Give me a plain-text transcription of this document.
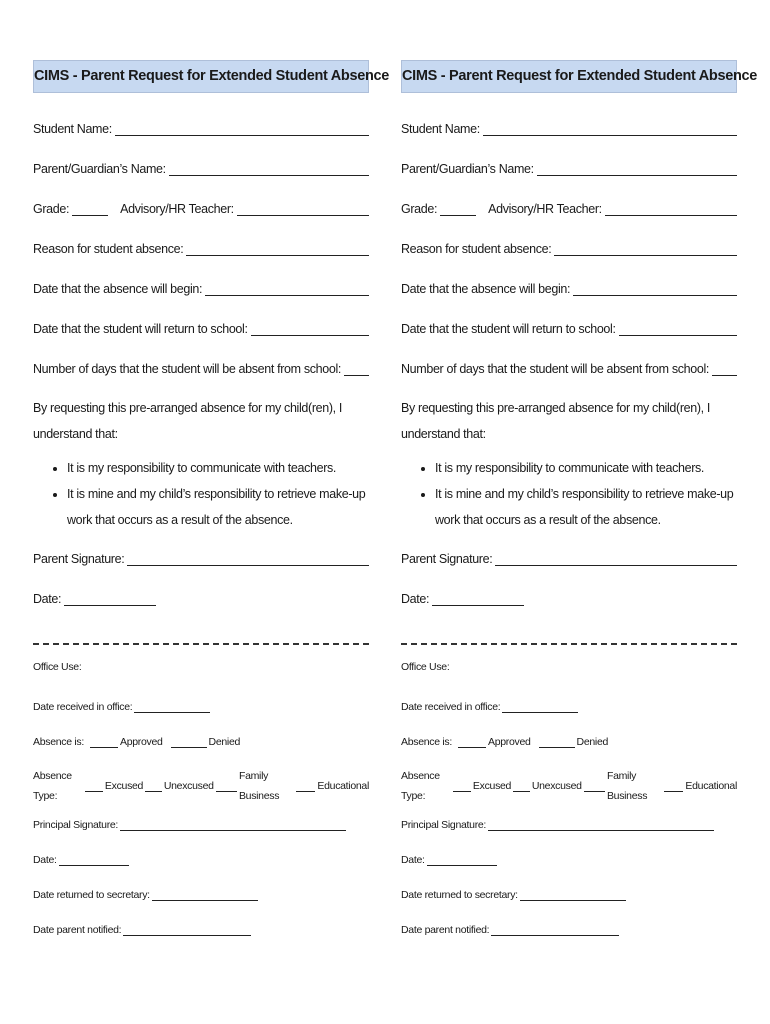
CIMS - Parent Request for Extended Student Absence
Student Name:
Parent/Guardian’s Name:
Grade:	Advisory/HR Teacher:
Reason for student absence:
Date that the absence will begin:
Date that the student will return to school:
Number of days that the student will be absent from school:
By requesting this pre-arranged absence for my child(ren), I understand that:
• It is my responsibility to communicate with teachers.
• It is mine and my child’s responsibility to retrieve make-up work that occurs as a result of the absence.
Parent Signature:
Date:
Office Use:
Date received in office:
Absence is:	Approved	Denied
Absence Type:
Excused Unexcused
Family Business
Educational
Principal Signature:
Date:
Date returned to secretary:
Date parent notified:
CIMS - Parent Request for Extended Student Absence
Student Name:
Parent/Guardian’s Name:
Grade:	Advisory/HR Teacher:
Reason for student absence:
Date that the absence will begin:
Date that the student will return to school:
Number of days that the student will be absent from school:
By requesting this pre-arranged absence for my child(ren), I understand that:
• It is my responsibility to communicate with teachers.
• It is mine and my child’s responsibility to retrieve make-up work that occurs as a result of the absence.
Parent Signature:
Date:
Office Use:
Date received in office:
Absence is:	Approved	Denied
Absence Type:
Excused Unexcused
Family Business
Educational
Principal Signature:
Date:
Date returned to secretary:
Date parent notified:
